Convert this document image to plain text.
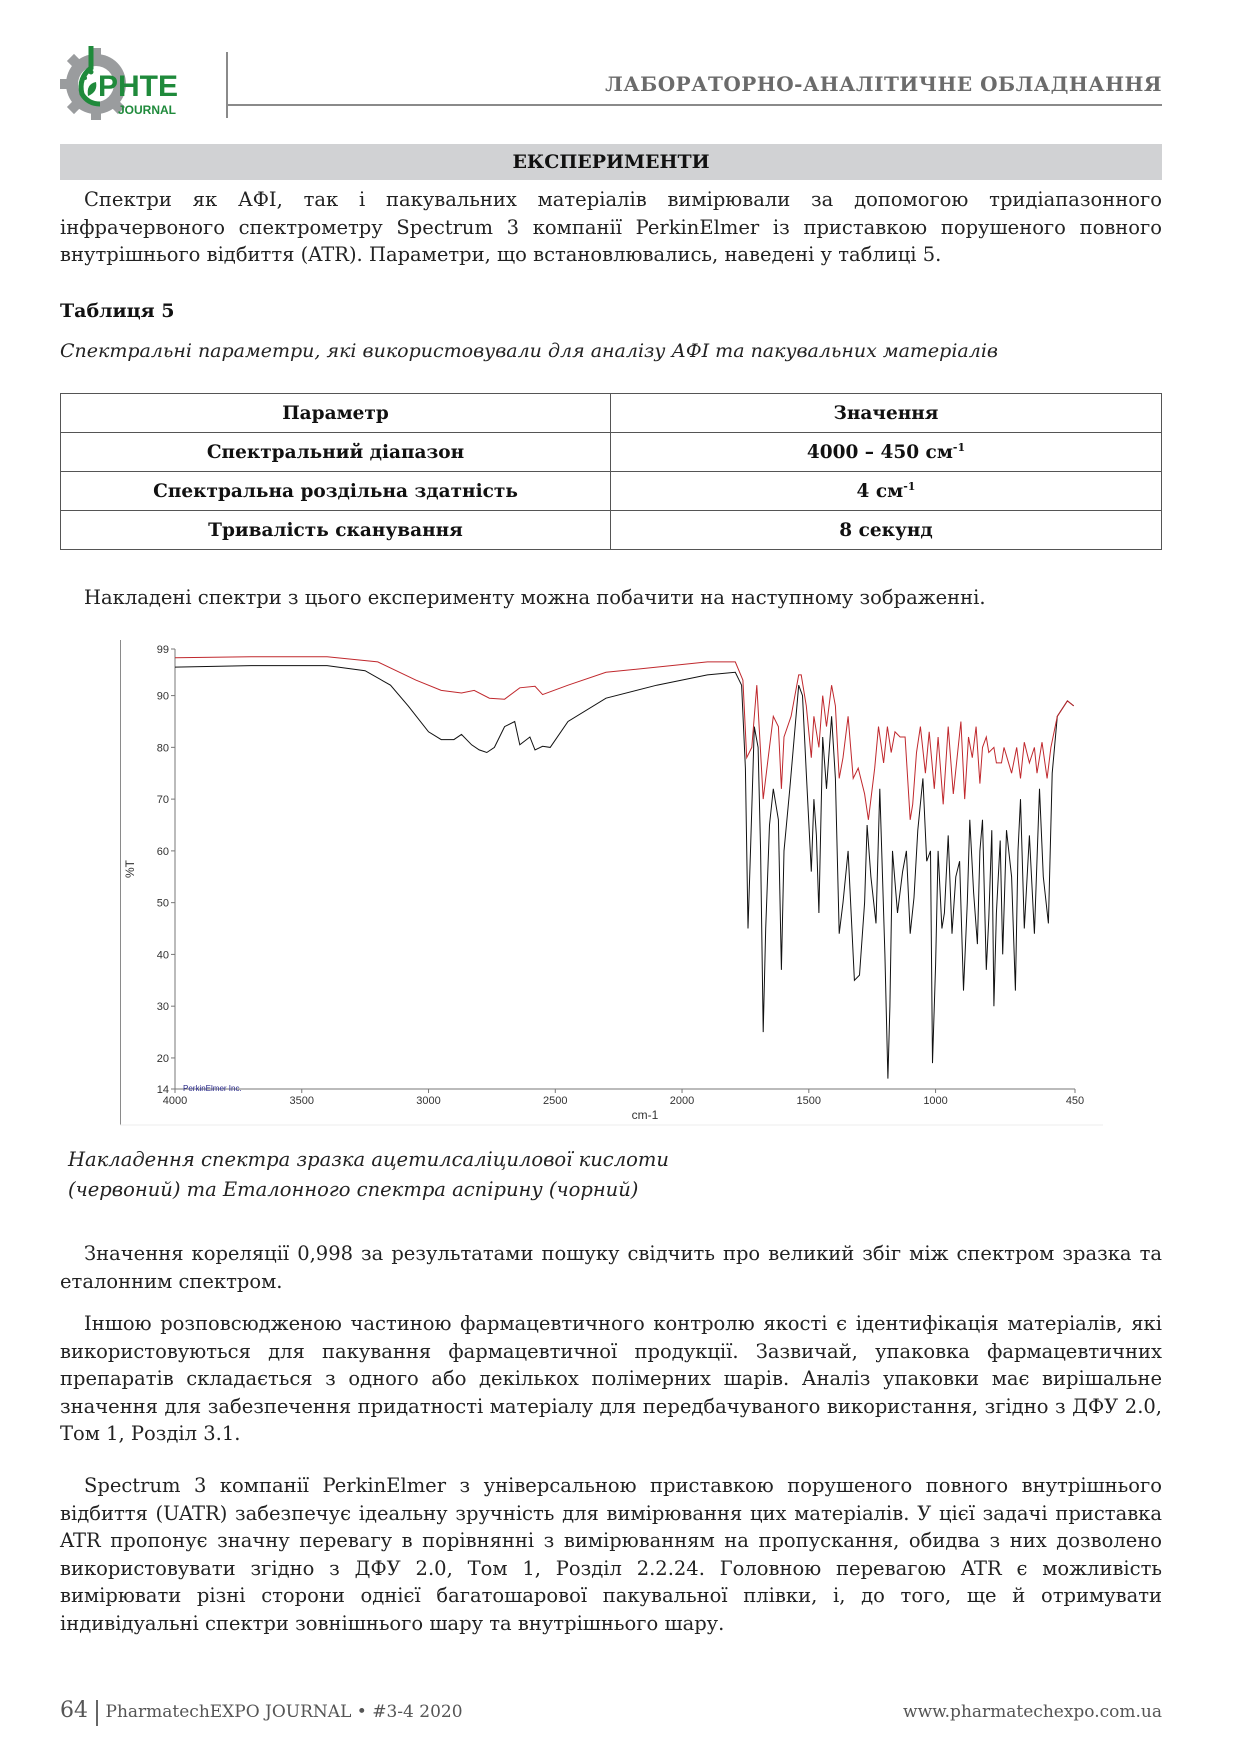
PHTE
JOURNAL
ЛАБОРАТОРНО-АНАЛІТИЧНЕ ОБЛАДНАННЯ
ЕКСПЕРИМЕНТИ
Спектри як АФІ, так і пакувальних матеріалів вимірювали за допомогою тридіапазонного інфрачервоного спектрометру Spectrum 3 компанії PerkinElmer із приставкою порушеного повного внутрішнього відбиття (ATR). Параметри, що встановлювались, наведені у таблиці 5.
Таблиця 5
Спектральні параметри, які використовували для аналізу АФІ та пакувальних матеріалів
Параметр	Значення
Спектральний діапазон	4000 – 450 $см^{-1}$
Спектральна роздільна здатність	4 $см^{-1}$
Тривалість сканування	8 секунд
Накладені спектри з цього експерименту можна побачити на наступному зображенні.
99
90
80
70
60
50
40
30
20
14
4000	3500	3000	2500	2000	1500	1000	450
cm-1
%T
PerkinElmer Inc.
Накладення спектра зразка ацетилсаліцилової кислоти
(червоний) та Еталонного спектра аспірину (чорний)
Значення кореляції 0,998 за результатами пошуку свідчить про великий збіг між спектром зразка та еталонним спектром.
Іншою розповсюдженою частиною фармацевтичного контролю якості є ідентифікація матеріалів, які використовуються для пакування фармацевтичної продукції. Зазвичай, упаковка фармацевтичних препаратів складається з одного або декількох полімерних шарів. Аналіз упаковки має вирішальне значення для забезпечення придатності матеріалу для передбачуваного використання, згідно з ДФУ 2.0, Том 1, Розділ 3.1.
Spectrum 3 компанії PerkinElmer з універсальною приставкою порушеного повного внутрішнього відбиття (UATR) забезпечує ідеальну зручність для вимірювання цих матеріалів. У цієї задачі приставка ATR пропонує значну перевагу в порівнянні з вимірюванням на пропускання, обидва з них дозволено використовувати згідно з ДФУ 2.0, Том 1, Розділ 2.2.24. Головною перевагою ATR є можливість вимірювати різні сторони однієї багатошарової пакувальної плівки, і, до того, ще й отримувати індивідуальні спектри зовнішнього шару та внутрішнього шару.
64 PharmatechEXPO JOURNAL • #3-4 2020	www.pharmatechexpo.com.ua
